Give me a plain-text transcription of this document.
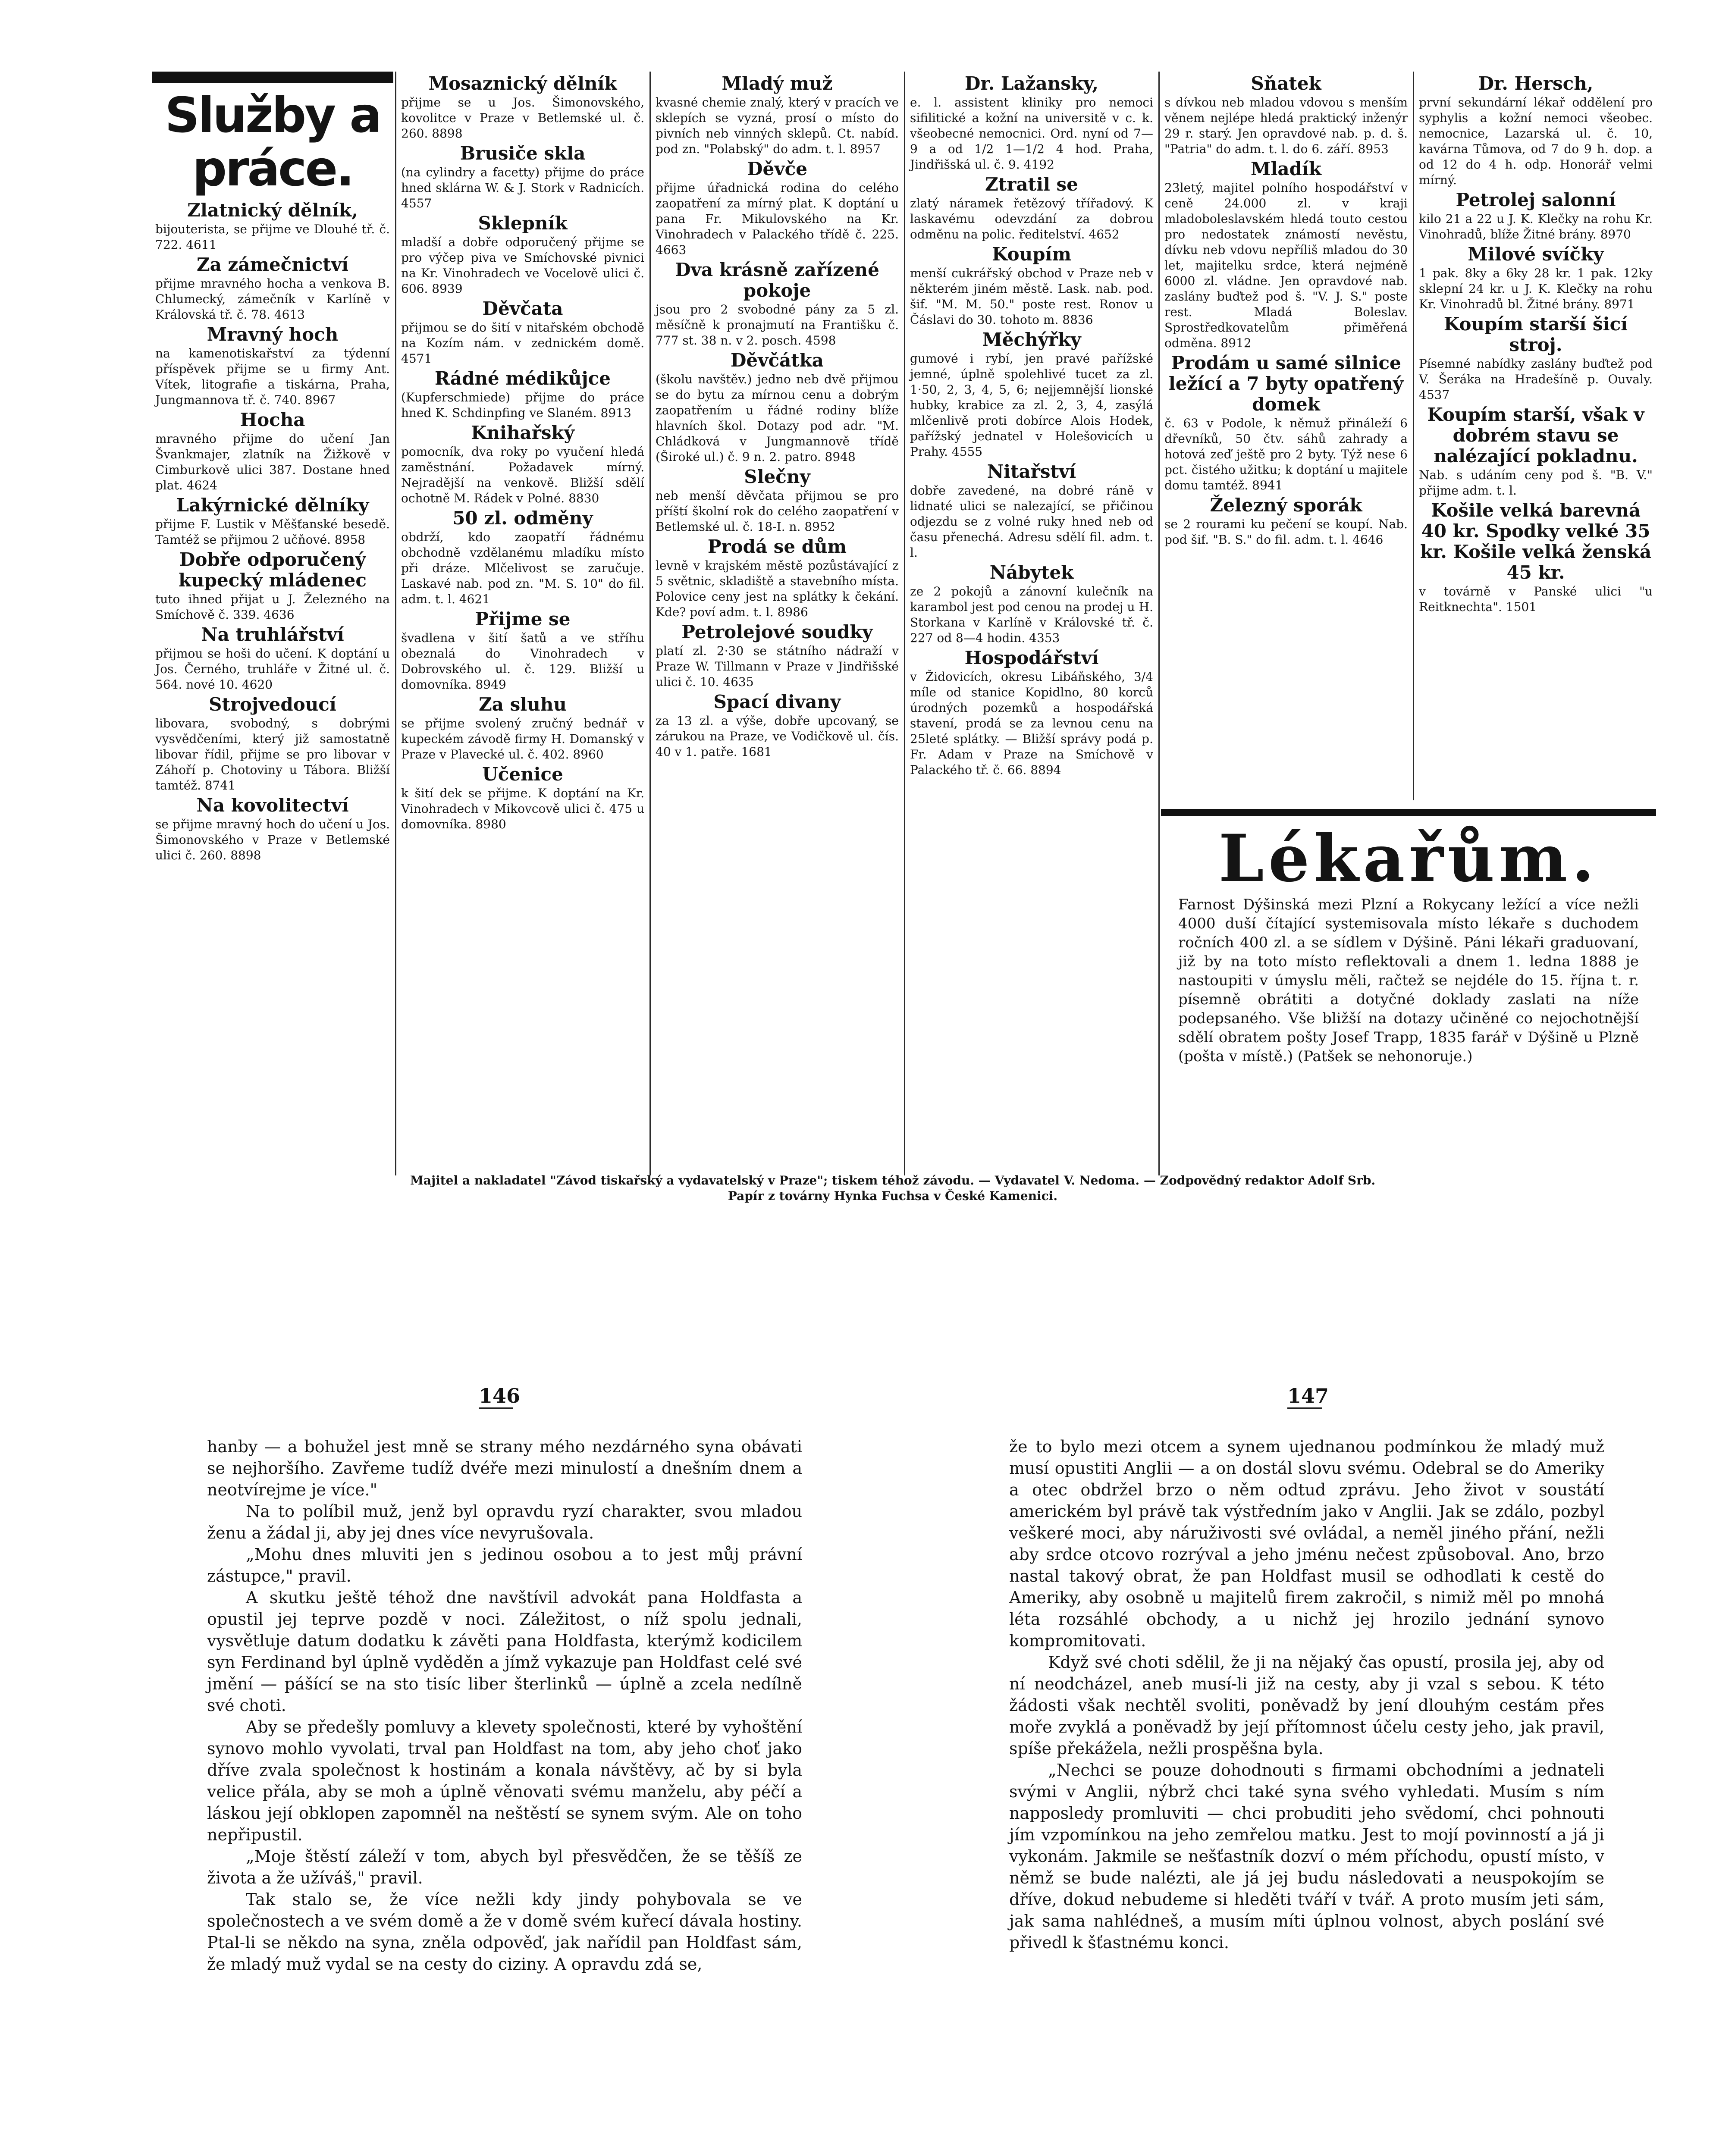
Služby a práce.
Zlatnický dělník,

bijouterista, se přijme ve Dlouhé tř. č. 722. 4611

Za zámečnictví

přijme mravného hocha a venkova B. Chlumecký, zámečník v Karlíně v Královská tř. č. 78. 4613

Mravný hoch

na kamenotiskařství za týdenní příspěvek přijme se u firmy Ant. Vítek, litografie a tiskárna, Praha, Jungmannova tř. č. 740. 8967

Hocha

mravného přijme do učení Jan Švankmajer, zlatník na Žižkově v Cimburkově ulici 387. Dostane hned plat. 4624

Lakýrnické dělníky

přijme F. Lustik v Měšťanské besedě. Tamtéž se přijmou 2 učňové. 8958

Dobře odporučený kupecký mládenec

tuto ihned přijat u J. Železného na Smíchově č. 339. 4636

Na truhlářství

přijmou se hoši do učení. K doptání u Jos. Černého, truhláře v Žitné ul. č. 564. nové 10. 4620

Strojvedoucí

libovara, svobodný, s dobrými vysvědčeními, který již samostatně libovar řídil, přijme se pro libovar v Záhoří p. Chotoviny u Tábora. Bližší tamtéž. 8741

Na kovolitectví

se přijme mravný hoch do učení u Jos. Šimonovského v Praze v Betlemské ulici č. 260. 8898

Mosaznický dělník

přijme se u Jos. Šimonovského, kovolitce v Praze v Betlemské ul. č. 260. 8898

Brusiče skla

(na cylindry a facetty) přijme do práce hned sklárna W. & J. Stork v Radnicích. 4557

Sklepník

mladší a dobře odporučený přijme se pro výčep piva ve Smíchovské pivnici na Kr. Vinohradech ve Vocelově ulici č. 606. 8939

Děvčata

přijmou se do šití v nitařském obchodě na Kozím nám. v zednickém domě. 4571

Rádné médikůjce

(Kupferschmiede) přijme do práce hned K. Schdinpfing ve Slaném. 8913

Knihařský

pomocník, dva roky po vyučení hledá zaměstnání. Požadavek mírný. Nejradější na venkově. Bližší sdělí ochotně M. Rádek v Polné. 8830

50 zl. odměny

obdrží, kdo zaopatří řádnému obchodně vzdělanému mladíku místo při dráze. Mlčelivost se zaručuje. Laskavé nab. pod zn. "M. S. 10" do fil. adm. t. l. 4621

Přijme se

švadlena v šití šatů a ve stříhu obeznalá do Vinohradech v Dobrovského ul. č. 129. Bližší u domovníka. 8949

Za sluhu

se přijme svolený zručný bednář v kupeckém závodě firmy H. Domanský v Praze v Plavecké ul. č. 402. 8960

Učenice

k šití dek se přijme. K doptání na Kr. Vinohradech v Mikovcově ulici č. 475 u domovníka. 8980

Mladý muž

kvasné chemie znalý, který v pracích ve sklepích se vyzná, prosí o místo do pivních neb vinných sklepů. Ct. nabíd. pod zn. "Polabský" do adm. t. l. 8957

Děvče

přijme úřadnická rodina do celého zaopatření za mírný plat. K doptání u pana Fr. Mikulovského na Kr. Vinohradech v Palackého třídě č. 225. 4663

Dva krásně zařízené pokoje

jsou pro 2 svobodné pány za 5 zl. měsíčně k pronajmutí na Františku č. 777 st. 38 n. v 2. posch. 4598

Děvčátka

(školu navštěv.) jedno neb dvě přijmou se do bytu za mírnou cenu a dobrým zaopatřením u řádné rodiny blíže hlavních škol. Dotazy pod adr. "M. Chládková v Jungmannově třídě (Široké ul.) č. 9 n. 2. patro. 8948

Slečny

neb menší děvčata přijmou se pro příští školní rok do celého zaopatření v Betlemské ul. č. 18-I. n. 8952

Prodá se dům

levně v krajském městě pozůstávající z 5 světnic, skladiště a stavebního místa. Polovice ceny jest na splátky k čekání. Kde? poví adm. t. l. 8986

Petrolejové soudky

platí zl. 2·30 se státního nádraží v Praze W. Tillmann v Praze v Jindřišské ulici č. 10. 4635

Spací divany

za 13 zl. a výše, dobře upcovaný, se zárukou na Praze, ve Vodičkově ul. čís. 40 v 1. patře. 1681

Dr. Lažansky,

e. l. assistent kliniky pro nemoci sifilitické a kožní na universitě v c. k. všeobecné nemocnici. Ord. nyní od 7—9 a od 1/2 1—1/2 4 hod. Praha, Jindřišská ul. č. 9. 4192

Ztratil se

zlatý náramek řetězový třířadový. K laskavému odevzdání za dobrou odměnu na polic. ředitelství. 4652

Koupím

menší cukrářský obchod v Praze neb v některém jiném městě. Lask. nab. pod. šif. "M. M. 50." poste rest. Ronov u Čáslavi do 30. tohoto m. 8836

Měchýřky

gumové i rybí, jen pravé pařížské jemné, úplně spolehlivé tucet za zl. 1·50, 2, 3, 4, 5, 6; nejjemnější lionské hubky, krabice za zl. 2, 3, 4, zasýlá mlčenlivě proti dobírce Alois Hodek, pařížský jednatel v Holešovicích u Prahy. 4555

Nitařství

dobře zavedené, na dobré ráně v lidnaté ulici se nalezající, se přičinou odjezdu se z volné ruky hned neb od času přenechá. Adresu sdělí fil. adm. t. l.

Nábytek

ze 2 pokojů a zánovní kulečník na karambol jest pod cenou na prodej u H. Storkana v Karlíně v Královské tř. č. 227 od 8—4 hodin. 4353

Hospodářství

v Židovicích, okresu Libáňského, 3/4 míle od stanice Kopidlno, 80 korců úrodných pozemků a hospodářská stavení, prodá se za levnou cenu na 25leté splátky. — Bližší správy podá p. Fr. Adam v Praze na Smíchově v Palackého tř. č. 66. 8894

Sňatek

s dívkou neb mladou vdovou s menším věnem nejlépe hledá praktický inženýr 29 r. starý. Jen opravdové nab. p. d. š. "Patria" do adm. t. l. do 6. září. 8953

Mladík

23letý, majitel polního hospodářství v ceně 24.000 zl. v kraji mladoboleslavském hledá touto cestou pro nedostatek známostí nevěstu, dívku neb vdovu nepříliš mladou do 30 let, majitelku srdce, která nejméně 6000 zl. vládne. Jen opravdové nab. zaslány buďtež pod š. "V. J. S." poste rest. Mladá Boleslav. Sprostředkovatelům přiměřená odměna. 8912

Prodám u samé silnice ležící a 7 byty opatřený domek

č. 63 v Podole, k němuž přináleží 6 dřevníků, 50 čtv. sáhů zahrady a hotová zeď ještě pro 2 byty. Týž nese 6 pct. čistého užitku; k doptání u majitele domu tamtéž. 8941

Železný sporák

se 2 rourami ku pečení se koupí. Nab. pod šif. "B. S." do fil. adm. t. l. 4646

Dr. Hersch,

první sekundární lékař oddělení pro syphylis a kožní nemoci všeobec. nemocnice, Lazarská ul. č. 10, kavárna Tůmova, od 7 do 9 h. dop. a od 12 do 4 h. odp. Honorář velmi mírný.

Petrolej salonní

kilo 21 a 22 u J. K. Klečky na rohu Kr. Vinohradů, blíže Žitné brány. 8970

Milové svíčky

1 pak. 8ky a 6ky 28 kr. 1 pak. 12ky sklepní 24 kr. u J. K. Klečky na rohu Kr. Vinohradů bl. Žitné brány. 8971

Koupím starší šicí stroj.

Písemné nabídky zaslány buďtež pod V. Šeráka na Hradešíně p. Ouvaly. 4537

Koupím starší, však v dobrém stavu se nalézající pokladnu.

Nab. s udáním ceny pod š. "B. V." přijme adm. t. l.

Košile velká barevná 40 kr. Spodky velké 35 kr. Košile velká ženská 45 kr.

v továrně v Panské ulici "u Reitknechta". 1501

Lékařům.
Farnost Dýšinská mezi Plzní a Rokycany ležící a více nežli 4000 duší čítající systemisovala místo lékaře s duchodem ročních 400 zl. a se sídlem v Dýšině. Páni lékaři graduovaní, již by na toto místo reflektovali a dnem 1. ledna 1888 je nastoupiti v úmyslu měli, račtež se nejdéle do 15. října t. r. písemně obrátiti a dotyčné doklady zaslati na níže podepsaného. Vše bližší na dotazy učiněné co nejochotnější sdělí obratem pošty Josef Trapp, 1835 farář v Dýšině u Plzně (pošta v místě.) (Patšek se nehonoruje.)
Majitel a nakladatel "Závod tiskařský a vydavatelský v Praze"; tiskem téhož závodu. — Vydavatel V. Nedoma. — Zodpovědný redaktor Adolf Srb.
Papír z továrny Hynka Fuchsa v České Kamenici.
146	147

hanby — a bohužel jest mně se strany mého nezdárného syna obávati se nejhoršího. Zavřeme tudíž dvéře mezi minulostí a dnešním dnem a neotvírejme je více."

Na to políbil muž, jenž byl opravdu ryzí charakter, svou mladou ženu a žádal ji, aby jej dnes více nevyrušovala.

„Mohu dnes mluviti jen s jedinou osobou a to jest můj právní zástupce," pravil.

A skutku ještě téhož dne navštívil advokát pana Holdfasta a opustil jej teprve pozdě v noci. Záležitost, o níž spolu jednali, vysvětluje datum dodatku k závěti pana Holdfasta, kterýmž kodicilem syn Ferdinand byl úplně vyděděn a jímž vykazuje pan Holdfast celé své jmění — pášící se na sto tisíc liber šterlinků — úplně a zcela nedílně své choti.

Aby se předešly pomluvy a klevety společnosti, které by vyhoštění synovo mohlo vyvolati, trval pan Holdfast na tom, aby jeho choť jako dříve zvala společnost k hostinám a konala návštěvy, ač by si byla velice přála, aby se moh a úplně věnovati svému manželu, aby péčí a láskou její obklopen zapomněl na neštěstí se synem svým. Ale on toho nepřipustil.

„Moje štěstí záleží v tom, abych byl přesvědčen, že se těšíš ze života a že užíváš," pravil.

Tak stalo se, že více nežli kdy jindy pohybovala se ve společnostech a ve svém domě a že v domě svém kuřecí dávala hostiny. Ptal-li se někdo na syna, zněla odpověď, jak nařídil pan Holdfast sám, že mladý muž vydal se na cesty do ciziny. A opravdu zdá se,

že to bylo mezi otcem a synem ujednanou podmínkou že mladý muž musí opustiti Anglii — a on dostál slovu svému. Odebral se do Ameriky a otec obdržel brzo o něm odtud zprávu. Jeho život v soustátí americkém byl právě tak výstředním jako v Anglii. Jak se zdálo, pozbyl veškeré moci, aby náruživosti své ovládal, a neměl jiného přání, nežli aby srdce otcovo rozrýval a jeho jménu nečest způsoboval. Ano, brzo nastal takový obrat, že pan Holdfast musil se odhodlati k cestě do Ameriky, aby osobně u majitelů firem zakročil, s nimiž měl po mnohá léta rozsáhlé obchody, a u nichž jej hrozilo jednání synovo kompromitovati.

Když své choti sdělil, že ji na nějaký čas opustí, prosila jej, aby od ní neodcházel, aneb musí-li již na cesty, aby ji vzal s sebou. K této žádosti však nechtěl svoliti, poněvadž by jení dlouhým cestám přes moře zvyklá a poněvadž by její přítomnost účelu cesty jeho, jak pravil, spíše překážela, nežli prospěšna byla.

„Nechci se pouze dohodnouti s firmami obchodními a jednateli svými v Anglii, nýbrž chci také syna svého vyhledati. Musím s ním napposledy promluviti — chci probuditi jeho svědomí, chci pohnouti jím vzpomínkou na jeho zemřelou matku. Jest to mojí povinností a já ji vykonám. Jakmile se nešťastník dozví o mém příchodu, opustí místo, v němž se bude nalézti, ale já jej budu následovati a neuspokojím se dříve, dokud nebudeme si hleděti tváří v tvář. A proto musím jeti sám, jak sama nahlédneš, a musím míti úplnou volnost, abych poslání své přivedl k šťastnému konci.
